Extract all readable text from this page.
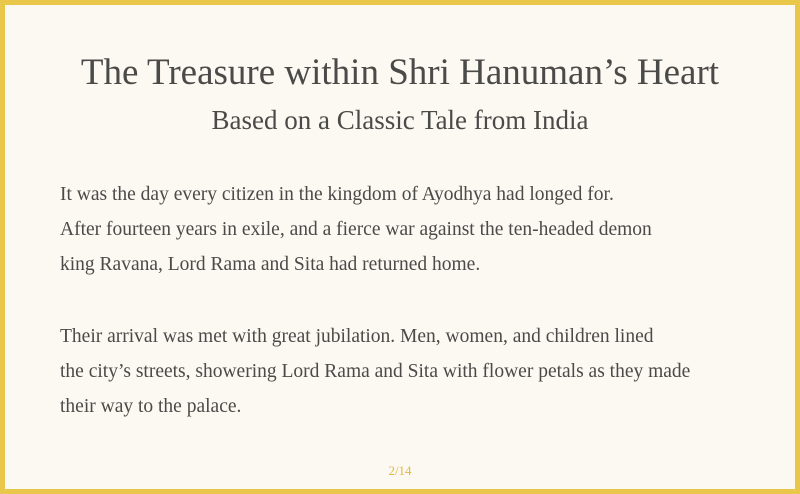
The Treasure within Shri Hanuman’s Heart
Based on a Classic Tale from India

It was the day every citizen in the kingdom of Ayodhya had longed for.
After fourteen years in exile, and a fierce war against the ten-headed demon
king Ravana, Lord Rama and Sita had returned home.

Their arrival was met with great jubilation. Men, women, and children lined
the city’s streets, showering Lord Rama and Sita with flower petals as they made
their way to the palace.

2/14
